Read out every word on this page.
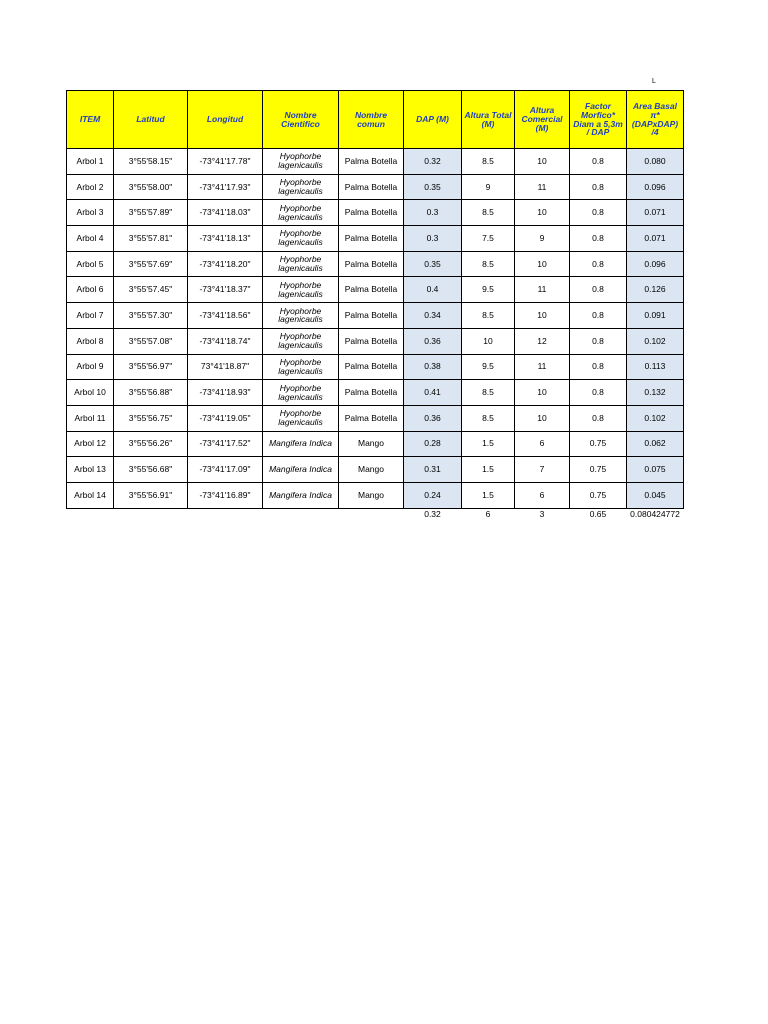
L
ITEM	Latitud	Longitud	Nombre Cientifico	Nombre comun	DAP (M)	Altura Total (M)	Altura Comercial (M)	Factor Morfico* Diam a 5,3m / DAP	Area Basal π*(DAPxDAP) /4
Arbol 1	3°55'58.15"	-73°41'17.78"	Hyophorbe lagenicaulis	Palma Botella	0.32	8.5	10	0.8	0.080
Arbol 2	3°55'58.00"	-73°41'17.93"	Hyophorbe lagenicaulis	Palma Botella	0.35	9	11	0.8	0.096
Arbol 3	3°55'57.89"	-73°41'18.03"	Hyophorbe lagenicaulis	Palma Botella	0.3	8.5	10	0.8	0.071
Arbol 4	3°55'57.81"	-73°41'18.13"	Hyophorbe lagenicaulis	Palma Botella	0.3	7.5	9	0.8	0.071
Arbol 5	3°55'57.69"	-73°41'18.20"	Hyophorbe lagenicaulis	Palma Botella	0.35	8.5	10	0.8	0.096
Arbol 6	3°55'57.45"	-73°41'18.37"	Hyophorbe lagenicaulis	Palma Botella	0.4	9.5	11	0.8	0.126
Arbol 7	3°55'57.30"	-73°41'18.56"	Hyophorbe lagenicaulis	Palma Botella	0.34	8.5	10	0.8	0.091
Arbol 8	3°55'57.08"	-73°41'18.74"	Hyophorbe lagenicaulis	Palma Botella	0.36	10	12	0.8	0.102
Arbol 9	3°55'56.97"	73°41'18.87"	Hyophorbe lagenicaulis	Palma Botella	0.38	9.5	11	0.8	0.113
Arbol 10	3°55'56.88"	-73°41'18.93"	Hyophorbe lagenicaulis	Palma Botella	0.41	8.5	10	0.8	0.132
Arbol 11	3°55'56.75"	-73°41'19.05"	Hyophorbe lagenicaulis	Palma Botella	0.36	8.5	10	0.8	0.102
Arbol 12	3°55'56.26"	-73°41'17.52"	Mangifera Indica	Mango	0.28	1.5	6	0.75	0.062
Arbol 13	3°55'56.68"	-73°41'17.09"	Mangifera Indica	Mango	0.31	1.5	7	0.75	0.075
Arbol 14	3°55'56.91"	-73°41'16.89"	Mangifera Indica	Mango	0.24	1.5	6	0.75	0.045
					0.32	6	3	0.65	0.080424772
